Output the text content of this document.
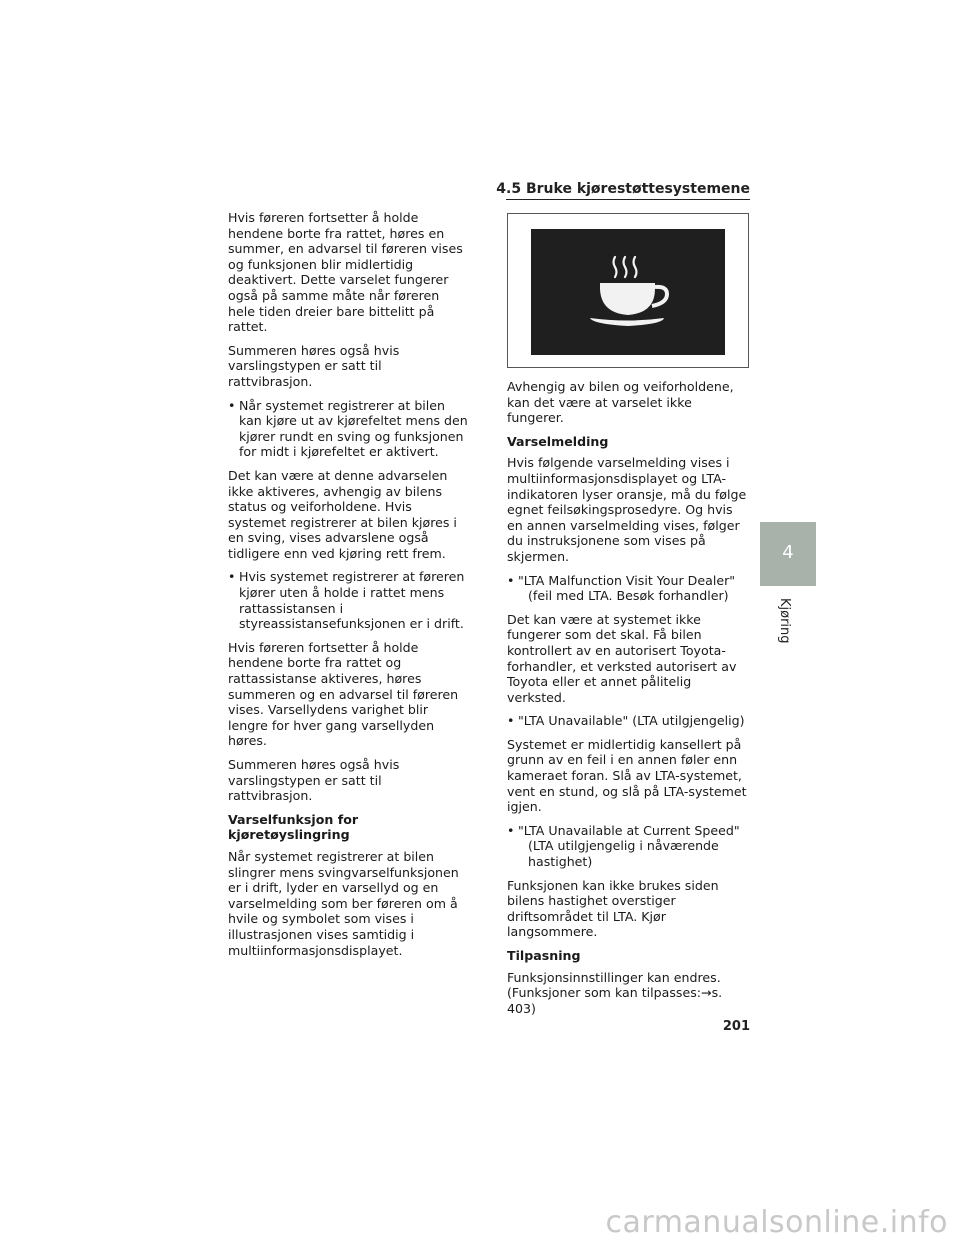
4.5 Bruke kjørestøttesystemene

Hvis føreren fortsetter å holde hendene borte fra rattet, høres en summer, en advarsel til føreren vises og funksjonen blir midlertidig deaktivert. Dette varselet fungerer også på samme måte når føreren hele tiden dreier bare bittelitt på rattet.

Summeren høres også hvis varslingstypen er satt til rattvibrasjon.

• Når systemet registrerer at bilen kan kjøre ut av kjørefeltet mens den kjører rundt en sving og funksjonen for midt i kjørefeltet er aktivert.

Det kan være at denne advarselen ikke aktiveres, avhengig av bilens status og veiforholdene. Hvis systemet registrerer at bilen kjøres i en sving, vises advarslene også tidligere enn ved kjøring rett frem.

• Hvis systemet registrerer at føreren kjører uten å holde i rattet mens rattassistansen i styreassistansefunksjonen er i drift.

Hvis føreren fortsetter å holde hendene borte fra rattet og rattassistanse aktiveres, høres summeren og en advarsel til føreren vises. Varsellydens varighet blir lengre for hver gang varsellyden høres.

Summeren høres også hvis varslingstypen er satt til rattvibrasjon.

Varselfunksjon for kjøretøyslingring

Når systemet registrerer at bilen slingrer mens svingvarselfunksjonen er i drift, lyder en varsellyd og en varselmelding som ber føreren om å hvile og symbolet som vises i illustrasjonen vises samtidig i multiinformasjonsdisplayet.

Avhengig av bilen og veiforholdene, kan det være at varselet ikke fungerer.

Varselmelding

Hvis følgende varselmelding vises i multiinformasjonsdisplayet og LTA-indikatoren lyser oransje, må du følge egnet feilsøkingsprosedyre. Og hvis en annen varselmelding vises, følger du instruksjonene som vises på skjermen.

• "LTA Malfunction Visit Your Dealer"
(feil med LTA. Besøk forhandler)

Det kan være at systemet ikke fungerer som det skal. Få bilen kontrollert av en autorisert Toyota-forhandler, et verksted autorisert av Toyota eller et annet pålitelig verksted.

• "LTA Unavailable" (LTA utilgjengelig)

Systemet er midlertidig kansellert på grunn av en feil i en annen føler enn kameraet foran. Slå av LTA-systemet, vent en stund, og slå på LTA-systemet igjen.

• "LTA Unavailable at Current Speed"
(LTA utilgjengelig i nåværende hastighet)

Funksjonen kan ikke brukes siden bilens hastighet overstiger driftsområdet til LTA. Kjør langsommere.

Tilpasning

Funksjonsinnstillinger kan endres.
(Funksjoner som kan tilpasses:→s. 403)

4
Kjøring
201
carmanualsonline.info
